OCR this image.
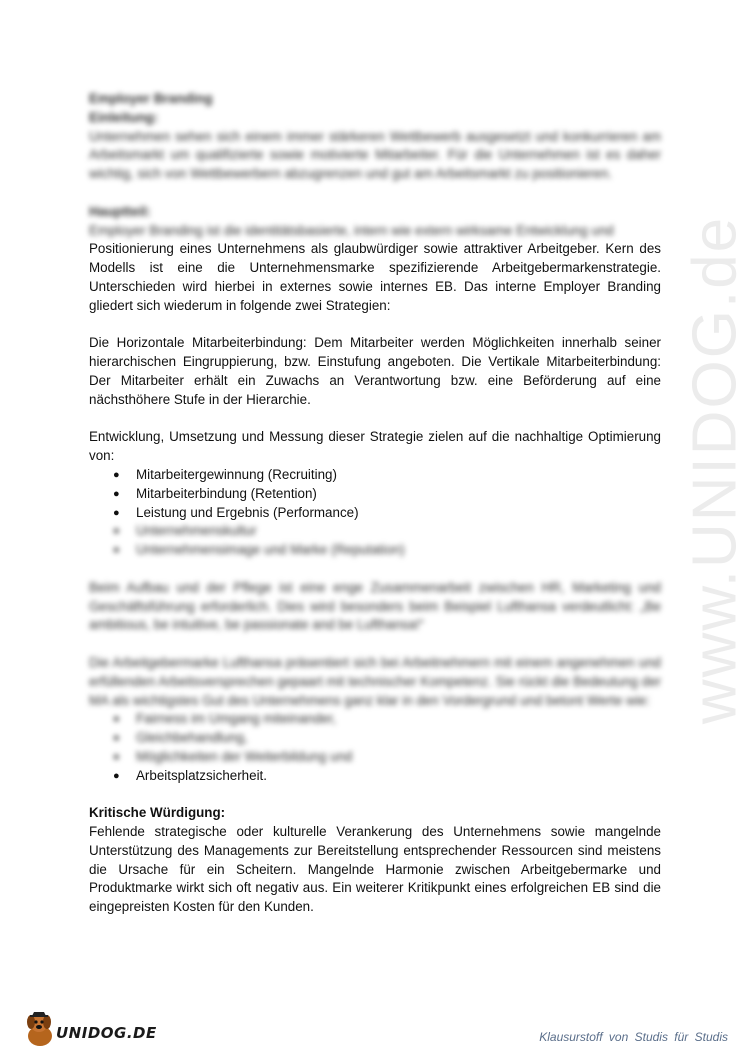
www.UNIDOG.de

Employer Branding

Einleitung:

Unternehmen sehen sich einem immer stärkeren Wettbewerb ausgesetzt und konkurrieren am Arbeitsmarkt um qualifizierte sowie motivierte Mitarbeiter. Für die Unternehmen ist es daher wichtig, sich von Wettbewerbern abzugrenzen und gut am Arbeitsmarkt zu positionieren.

Hauptteil:

Employer Branding ist die identitätsbasierte, intern wie extern wirksame Entwicklung und

Positionierung eines Unternehmens als glaubwürdiger sowie attraktiver Arbeitgeber. Kern des Modells ist eine die Unternehmensmarke spezifizierende Arbeitgebermarkenstrategie. Unterschieden wird hierbei in externes sowie internes EB. Das interne Employer Branding gliedert sich wiederum in folgende zwei Strategien:

Die Horizontale Mitarbeiterbindung: Dem Mitarbeiter werden Möglichkeiten innerhalb seiner hierarchischen Eingruppierung, bzw. Einstufung angeboten. Die Vertikale Mitarbeiterbindung: Der Mitarbeiter erhält ein Zuwachs an Verantwortung bzw. eine Beförderung auf eine nächsthöhere Stufe in der Hierarchie.

Entwicklung, Umsetzung und Messung dieser Strategie zielen auf die nachhaltige Optimierung von:

● Mitarbeitergewinnung (Recruiting)
● Mitarbeiterbindung (Retention)
● Leistung und Ergebnis (Performance)
● Unternehmenskultur
● Unternehmensimage und Marke (Reputation)

Beim Aufbau und der Pflege ist eine enge Zusammenarbeit zwischen HR, Marketing und Geschäftsführung erforderlich. Dies wird besonders beim Beispiel Lufthansa verdeutlicht: „Be ambitious, be intuitive, be passionate and be Lufthansa!“

Die Arbeitgebermarke Lufthansa präsentiert sich bei Arbeitnehmern mit einem angenehmen und erfüllenden Arbeitsversprechen gepaart mit technischer Kompetenz. Sie rückt die Bedeutung der MA als wichtigstes Gut des Unternehmens ganz klar in den Vordergrund und betont Werte wie:

● Fairness im Umgang miteinander,
● Gleichbehandlung,
● Möglichkeiten der Weiterbildung und
● Arbeitsplatzsicherheit.

Kritische Würdigung:

Fehlende strategische oder kulturelle Verankerung des Unternehmens sowie mangelnde Unterstützung des Managements zur Bereitstellung entsprechender Ressourcen sind meistens die Ursache für ein Scheitern. Mangelnde Harmonie zwischen Arbeitgebermarke und Produktmarke wirkt sich oft negativ aus. Ein weiterer Kritikpunkt eines erfolgreichen EB sind die eingepreisten Kosten für den Kunden.

UNIDOG.DE	Klausurstoff von Studis für Studis
